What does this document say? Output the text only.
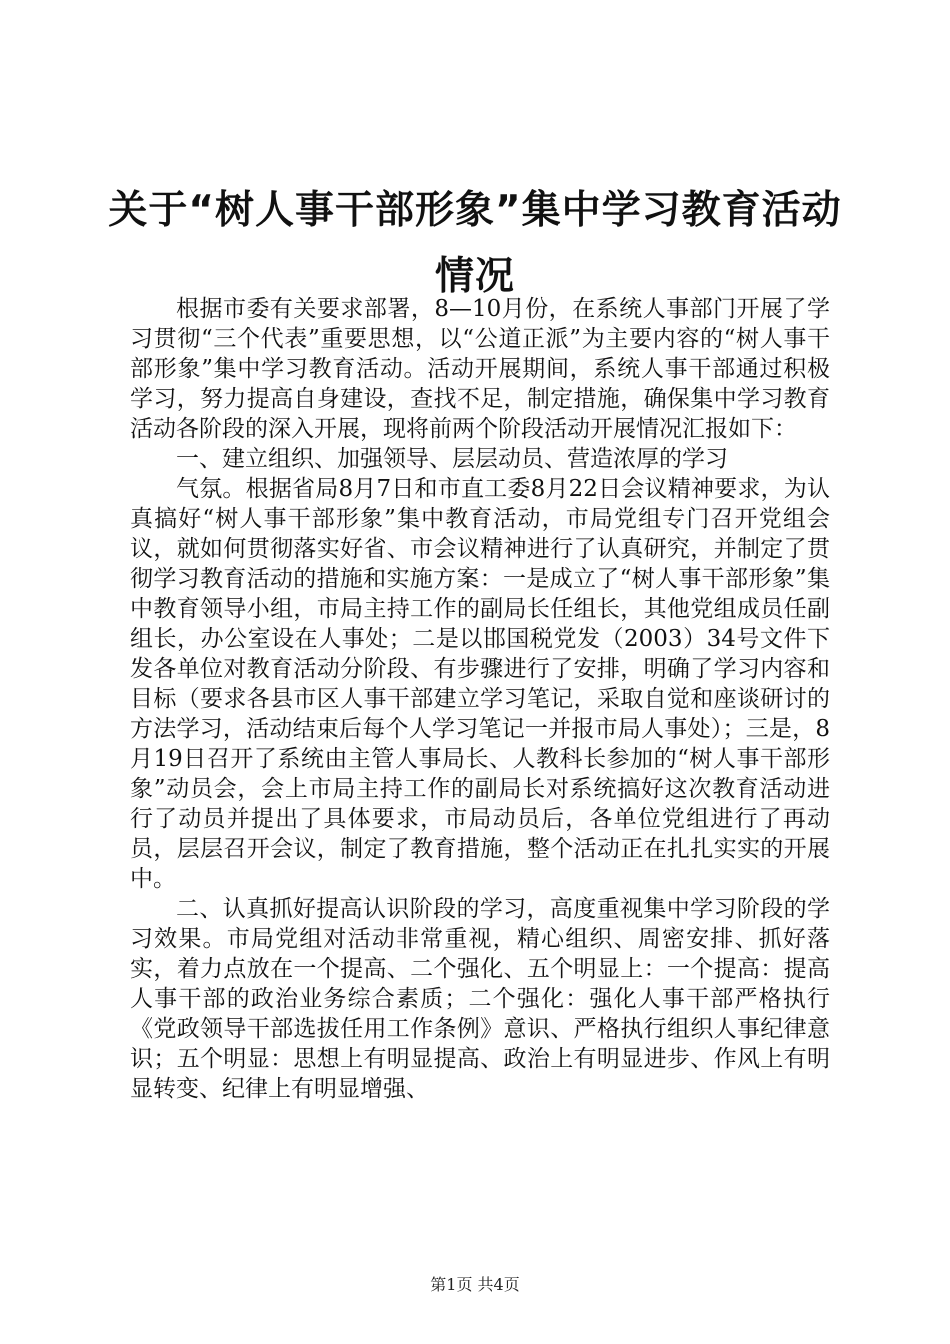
关于“树人事干部形象”集中学习教育活动情况

根据市委有关要求部署，8—10月份，在系统人事部门开展了学习贯彻“三个代表”重要思想，以“公道正派”为主要内容的“树人事干部形象”集中学习教育活动。活动开展期间，系统人事干部通过积极学习，努力提高自身建设，查找不足，制定措施，确保集中学习教育活动各阶段的深入开展，现将前两个阶段活动开展情况汇报如下：

一、建立组织、加强领导、层层动员、营造浓厚的学习

气氛。根据省局8月7日和市直工委8月22日会议精神要求，为认真搞好“树人事干部形象”集中教育活动，市局党组专门召开党组会议，就如何贯彻落实好省、市会议精神进行了认真研究，并制定了贯彻学习教育活动的措施和实施方案：一是成立了“树人事干部形象”集中教育领导小组，市局主持工作的副局长任组长，其他党组成员任副组长，办公室设在人事处；二是以邯国税党发（2003）34号文件下发各单位对教育活动分阶段、有步骤进行了安排，明确了学习内容和目标（要求各县市区人事干部建立学习笔记，采取自觉和座谈研讨的方法学习，活动结束后每个人学习笔记一并报市局人事处）；三是，8月19日召开了系统由主管人事局长、人教科长参加的“树人事干部形象”动员会，会上市局主持工作的副局长对系统搞好这次教育活动进行了动员并提出了具体要求，市局动员后，各单位党组进行了再动员，层层召开会议，制定了教育措施，整个活动正在扎扎实实的开展中。

二、认真抓好提高认识阶段的学习，高度重视集中学习阶段的学习效果。市局党组对活动非常重视，精心组织、周密安排、抓好落实，着力点放在一个提高、二个强化、五个明显上：一个提高：提高人事干部的政治业务综合素质；二个强化：强化人事干部严格执行《党政领导干部选拔任用工作条例》意识、严格执行组织人事纪律意识；五个明显：思想上有明显提高、政治上有明显进步、作风上有明显转变、纪律上有明显增强、

第1页 共4页
